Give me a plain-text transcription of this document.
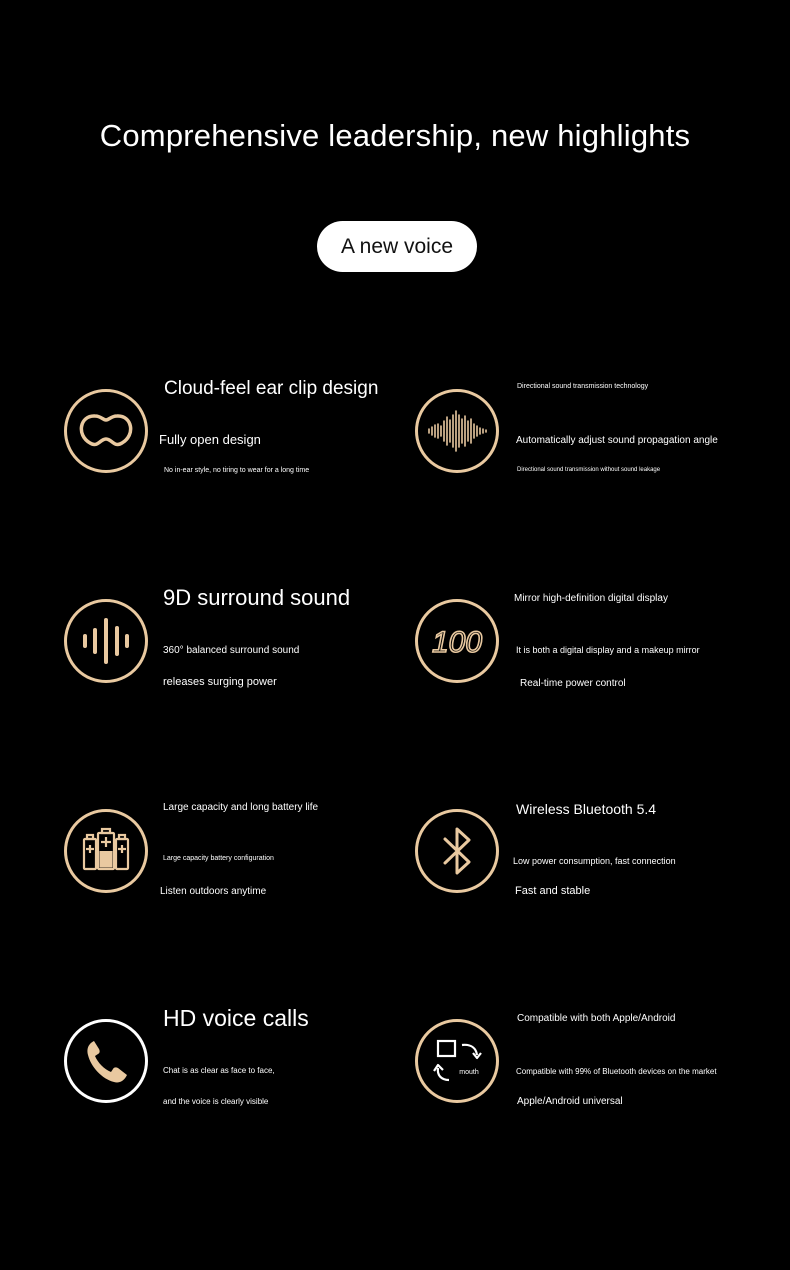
Comprehensive leadership, new highlights
A new voice
Cloud-feel ear clip design
Fully open design
No in-ear style, no tiring to wear for a long time
Directional sound transmission technology
Automatically adjust sound propagation angle
Directional sound transmission without sound leakage
9D surround sound
360° balanced surround sound
releases surging power
100
Mirror high-definition digital display
It is both a digital display and a makeup mirror
Real-time power control
Large capacity and long battery life
Large capacity battery configuration
Listen outdoors anytime
Wireless Bluetooth 5.4
Low power consumption, fast connection
Fast and stable
HD voice calls
Chat is as clear as face to face,
and the voice is clearly visible
mouth
Compatible with both Apple/Android
Compatible with 99% of Bluetooth devices on the market
Apple/Android universal
